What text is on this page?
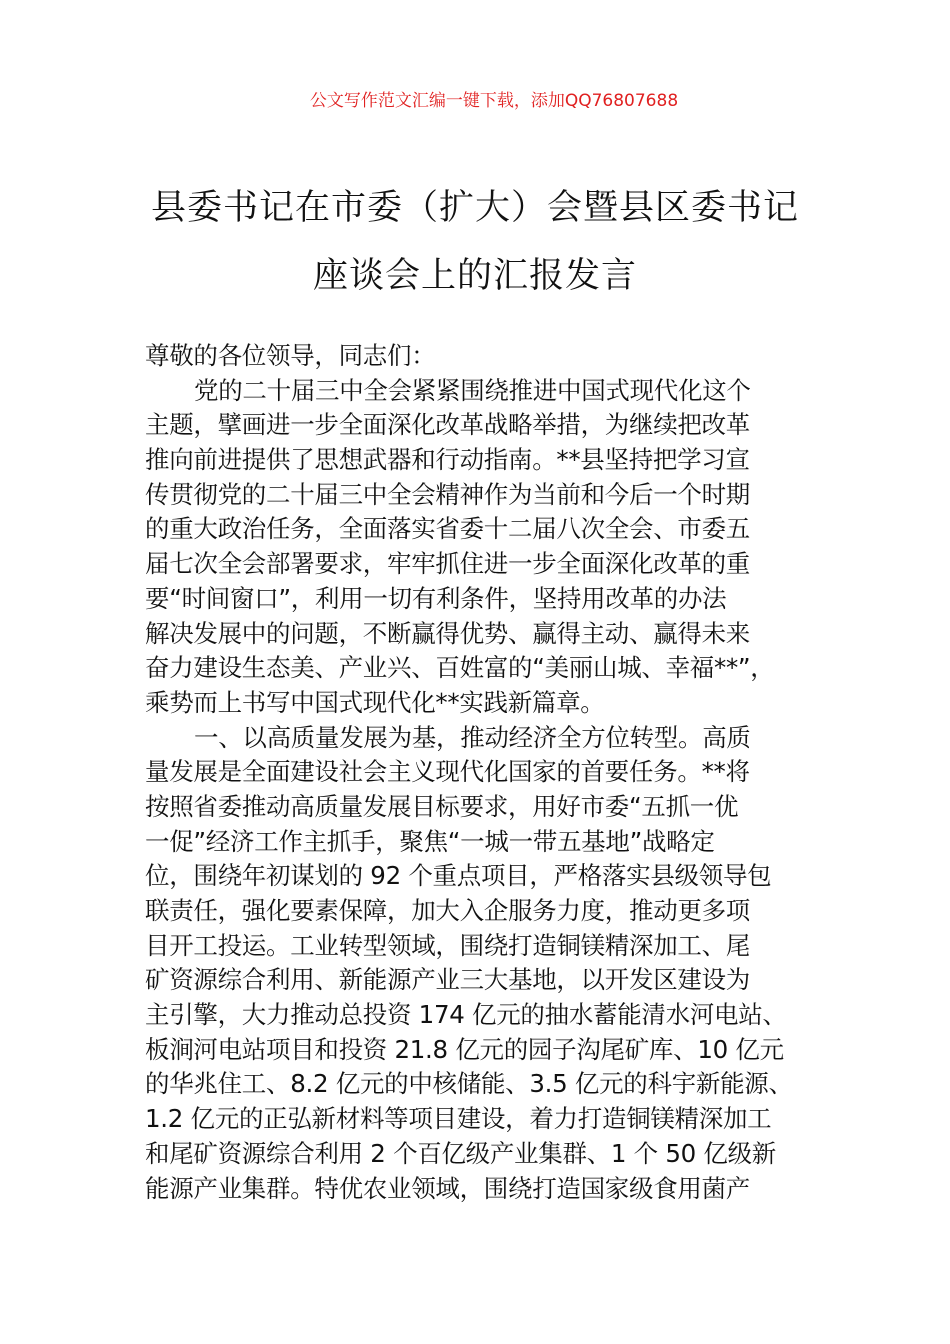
公文写作范文汇编一键下载，添加QQ76807688
县委书记在市委（扩大）会暨县区委书记
座谈会上的汇报发言
尊敬的各位领导，同志们：
党的二十届三中全会紧紧围绕推进中国式现代化这个
主题，擘画进一步全面深化改革战略举措，为继续把改革
推向前进提供了思想武器和行动指南。**县坚持把学习宣
传贯彻党的二十届三中全会精神作为当前和今后一个时期
的重大政治任务，全面落实省委十二届八次全会、市委五
届七次全会部署要求，牢牢抓住进一步全面深化改革的重
要“时间窗口”，利用一切有利条件，坚持用改革的办法
解决发展中的问题，不断赢得优势、赢得主动、赢得未来
奋力建设生态美、产业兴、百姓富的“美丽山城、幸福**”，
乘势而上书写中国式现代化**实践新篇章。
一、以高质量发展为基，推动经济全方位转型。高质
量发展是全面建设社会主义现代化国家的首要任务。**将
按照省委推动高质量发展目标要求，用好市委“五抓一优
一促”经济工作主抓手，聚焦“一城一带五基地”战略定
位，围绕年初谋划的 92 个重点项目，严格落实县级领导包
联责任，强化要素保障，加大入企服务力度，推动更多项
目开工投运。工业转型领域，围绕打造铜镁精深加工、尾
矿资源综合利用、新能源产业三大基地，以开发区建设为
主引擎，大力推动总投资 174 亿元的抽水蓄能清水河电站、
板涧河电站项目和投资 21.8 亿元的园子沟尾矿库、10 亿元
的华兆住工、8.2 亿元的中核储能、3.5 亿元的科宇新能源、
1.2 亿元的正弘新材料等项目建设，着力打造铜镁精深加工
和尾矿资源综合利用 2 个百亿级产业集群、1 个 50 亿级新
能源产业集群。特优农业领域，围绕打造国家级食用菌产
